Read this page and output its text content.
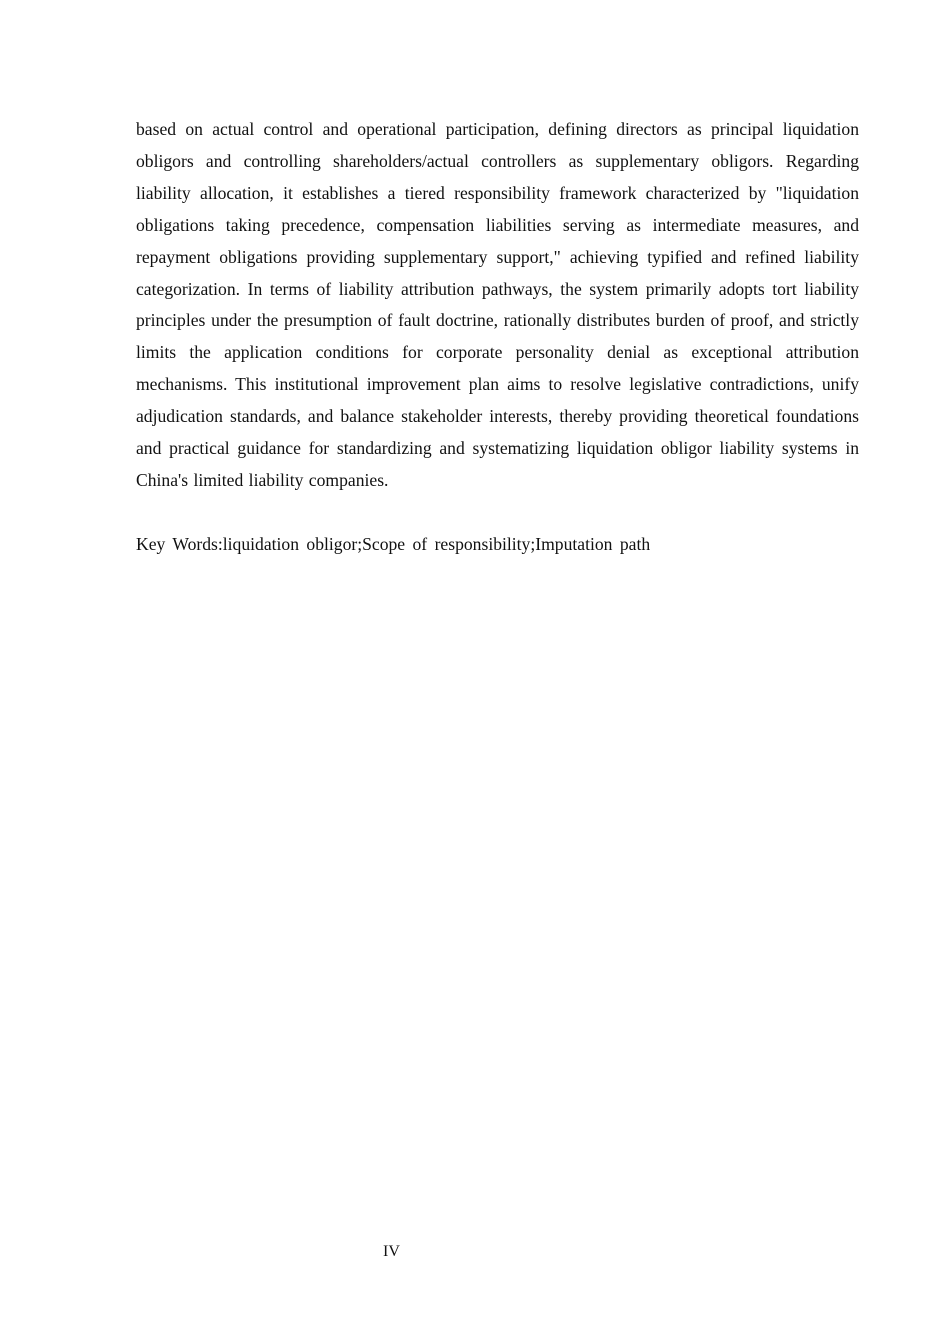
based on actual control and operational participation, defining directors as principal liquidation obligors and controlling shareholders/actual controllers as supplementary obligors. Regarding liability allocation, it establishes a tiered responsibility framework characterized by "liquidation obligations taking precedence, compensation liabilities serving as intermediate measures, and repayment obligations providing supplementary support," achieving typified and refined liability categorization. In terms of liability attribution pathways, the system primarily adopts tort liability principles under the presumption of fault doctrine, rationally distributes burden of proof, and strictly limits the application conditions for corporate personality denial as exceptional attribution mechanisms. This institutional improvement plan aims to resolve legislative contradictions, unify adjudication standards, and balance stakeholder interests, thereby providing theoretical foundations and practical guidance for standardizing and systematizing liquidation obligor liability systems in China's limited liability companies.

Key Words:liquidation obligor;Scope of responsibility;Imputation path

IV
